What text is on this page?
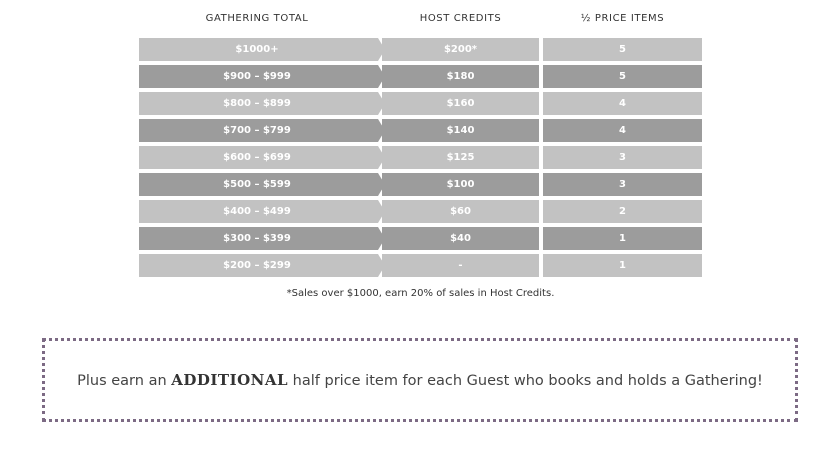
GATHERING TOTAL	HOST CREDITS	½ PRICE ITEMS
$1000+	$200*	5
$900 – $999	$180	5
$800 – $899	$160	4
$700 – $799	$140	4
$600 – $699	$125	3
$500 – $599	$100	3
$400 – $499	$60	2
$300 – $399	$40	1
$200 – $299	-	1
*Sales over $1000, earn 20% of sales in Host Credits.
Plus earn an ADDITIONAL half price item for each Guest who books and holds a Gathering!
